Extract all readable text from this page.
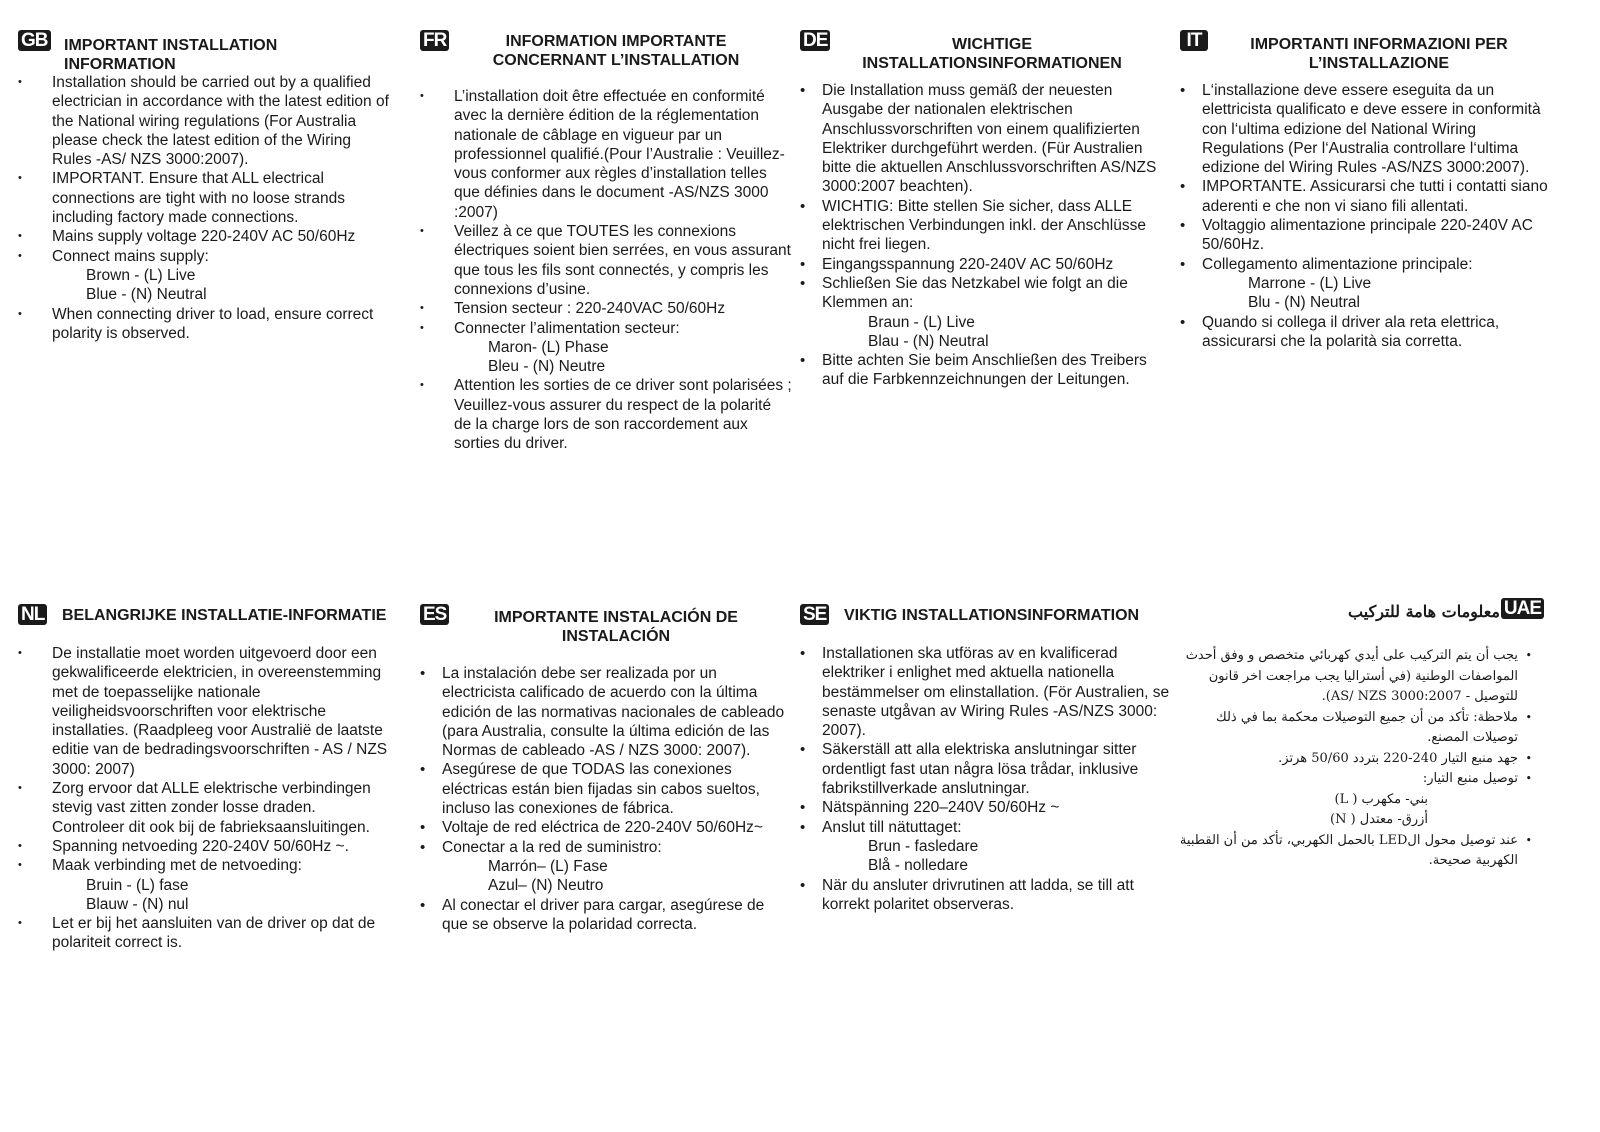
GB IMPORTANT INSTALLATION INFORMATION
• Installation should be carried out by a qualified electrician in accordance with the latest edition of the National wiring regulations (For Australia please check the latest edition of the Wiring Rules -AS/ NZS 3000:2007).
• IMPORTANT. Ensure that ALL electrical connections are tight with no loose strands including factory made connections.
• Mains supply voltage 220-240V AC 50/60Hz
• Connect mains supply:
Brown - (L) Live
Blue - (N) Neutral
• When connecting driver to load, ensure correct polarity is observed.
FR	INFORMATION IMPORTANTE CONCERNANT L’INSTALLATION
• L’installation doit être effectuée en conformité avec la dernière édition de la réglementation nationale de câblage en vigueur par un professionnel qualifié.(Pour l’Australie : Veuillez-vous conformer aux règles d’installation telles que définies dans le document -AS/NZS 3000 :2007)
• Veillez à ce que TOUTES les connexions électriques soient bien serrées, en vous assurant que tous les fils sont connectés, y compris les connexions d’usine.
• Tension secteur : 220-240VAC 50/60Hz
• Connecter l’alimentation secteur:
Maron- (L) Phase
Bleu - (N) Neutre
• Attention les sorties de ce driver sont polarisées ; Veuillez-vous assurer du respect de la polarité de la charge lors de son raccordement aux sorties du driver.
DE	WICHTIGE INSTALLATIONSINFORMATIONEN
• Die Installation muss gemäß der neuesten Ausgabe der nationalen elektrischen Anschlussvorschriften von einem qualifizierten Elektriker durchgeführt werden. (Für Australien bitte die aktuellen Anschlussvorschriften AS/NZS 3000:2007 beachten).
• WICHTIG: Bitte stellen Sie sicher, dass ALLE elektrischen Verbindungen inkl. der Anschlüsse nicht frei liegen.
• Eingangsspannung 220-240V AC 50/60Hz
• Schließen Sie das Netzkabel wie folgt an die Klemmen an:
Braun - (L) Live
Blau - (N) Neutral
• Bitte achten Sie beim Anschließen des Treibers auf die Farbkennzeichnungen der Leitungen.
IT	IMPORTANTI INFORMAZIONI PER L’INSTALLAZIONE
• L‘installazione deve essere eseguita da un elettricista qualificato e deve essere in conformità con l‘ultima edizione del National Wiring Regulations (Per l‘Australia controllare l‘ultima edizione del Wiring Rules -AS/NZS 3000:2007).
• IMPORTANTE. Assicurarsi che tutti i contatti siano aderenti e che non vi siano fili allentati.
• Voltaggio alimentazione principale 220-240V AC 50/60Hz.
• Collegamento alimentazione principale:
Marrone - (L) Live
Blu - (N) Neutral
• Quando si collega il driver ala reta elettrica, assicurarsi che la polarità sia corretta.
NL BELANGRIJKE INSTALLATIE-INFORMATIE
• De installatie moet worden uitgevoerd door een gekwalificeerde elektricien, in overeenstemming met de toepasselijke nationale veiligheidsvoorschriften voor elektrische installaties. (Raadpleeg voor Australië de laatste editie van de bedradingsvoorschriften - AS / NZS 3000: 2007)
• Zorg ervoor dat ALLE elektrische verbindingen stevig vast zitten zonder losse draden. Controleer dit ook bij de fabrieksaansluitingen.
• Spanning netvoeding 220-240V 50/60Hz ~.
• Maak verbinding met de netvoeding:
Bruin - (L) fase
Blauw - (N) nul
• Let er bij het aansluiten van de driver op dat de polariteit correct is.
ES	IMPORTANTE INSTALACIÓN DE INSTALACIÓN
• La instalación debe ser realizada por un electricista calificado de acuerdo con la última edición de las normativas nacionales de cableado (para Australia, consulte la última edición de las Normas de cableado -AS / NZS 3000: 2007).
• Asegúrese de que TODAS las conexiones eléctricas están bien fijadas sin cabos sueltos, incluso las conexiones de fábrica.
• Voltaje de red eléctrica de 220-240V 50/60Hz~
• Conectar a la red de suministro:
Marrón– (L) Fase
Azul– (N) Neutro
• Al conectar el driver para cargar, asegúrese de que se observe la polaridad correcta.
SE VIKTIG INSTALLATIONSINFORMATION
• Installationen ska utföras av en kvalificerad elektriker i enlighet med aktuella nationella bestämmelser om elinstallation. (För Australien, se senaste utgåvan av Wiring Rules -AS/NZS 3000: 2007).
• Säkerställ att alla elektriska anslutningar sitter ordentligt fast utan några lösa trådar, inklusive fabrikstillverkade anslutningar.
• Nätspänning 220–240V 50/60Hz ~
• Anslut till nätuttaget:
Brun - fasledare
Blå - nolledare
• När du ansluter drivrutinen att ladda, se till att korrekt polaritet observeras.
UAE
معلومات هامة للتركيب
•
يجب أن يتم التركيب على أيدي كهربائي متخصص و وفق أحدث المواصفات الوطنية (في أستراليا يجب مراجعت اخر قانون للتوصيل - AS/ NZS 3000:2007).
•
ملاحظة: تأكد من أن جميع التوصيلات محكمة بما في ذلك توصيلات المصنع.
•
جهد منبع التيار 240-220 بتردد 50/60 هرتز.
•
توصيل منبع التيار:
بني- مكهرب ( L)
أزرق- معتدل ( N)
•
عند توصيل محول الLED بالحمل الكهربي، تأكد من أن القطبية الكهربية صحيحة.
